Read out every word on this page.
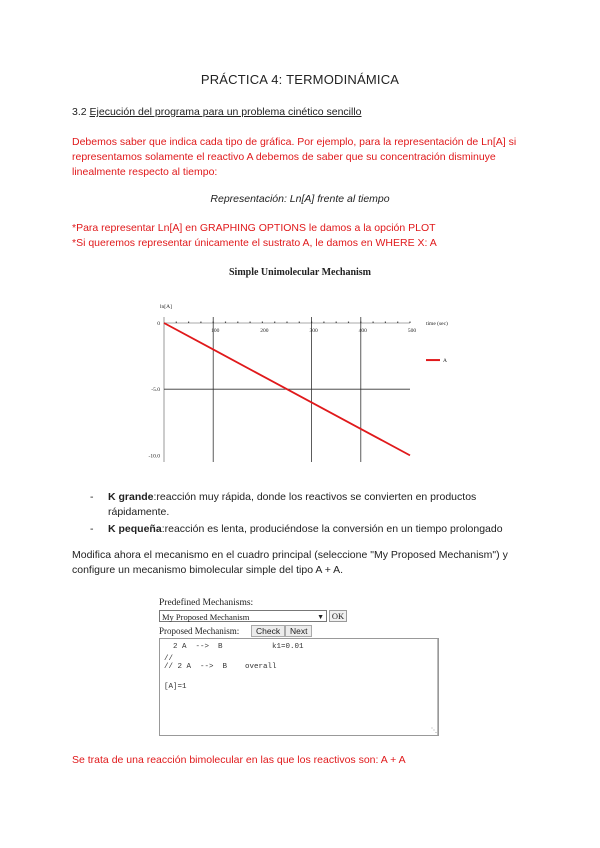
PRÁCTICA 4: TERMODINÁMICA
3.2 Ejecución del programa para un problema cinético sencillo
Debemos saber que indica cada tipo de gráfica. Por ejemplo, para la representación de Ln[A] si representamos solamente el reactivo A debemos de saber que su concentración disminuye linealmente respecto al tiempo:
Representación: Ln[A] frente al tiempo
*Para representar Ln[A] en GRAPHING OPTIONS le damos a la opción PLOT
*Si queremos representar únicamente el sustrato A, le damos en WHERE X: A
Simple Unimolecular Mechanism
ln[A]
100	200	300	400	500
0
-5.0
-10.0
time (sec)
A
- K grande:reacción muy rápida, donde los reactivos se convierten en productos rápidamente.
- K pequeña:reacción es lenta, produciéndose la conversión en un tiempo prolongado
Modifica ahora el mecanismo en el cuadro principal (seleccione "My Proposed Mechanism") y configure un mecanismo bimolecular simple del tipo A + A.
Predefined Mechanisms:
My Proposed Mechanism	▼ OK
Proposed Mechanism:	Check	Next
2 A  -->  B           k1=0.01
//
// 2 A  -->  B    overall
[A]=1
⋱
Se trata de una reacción bimolecular en las que los reactivos son: A + A
